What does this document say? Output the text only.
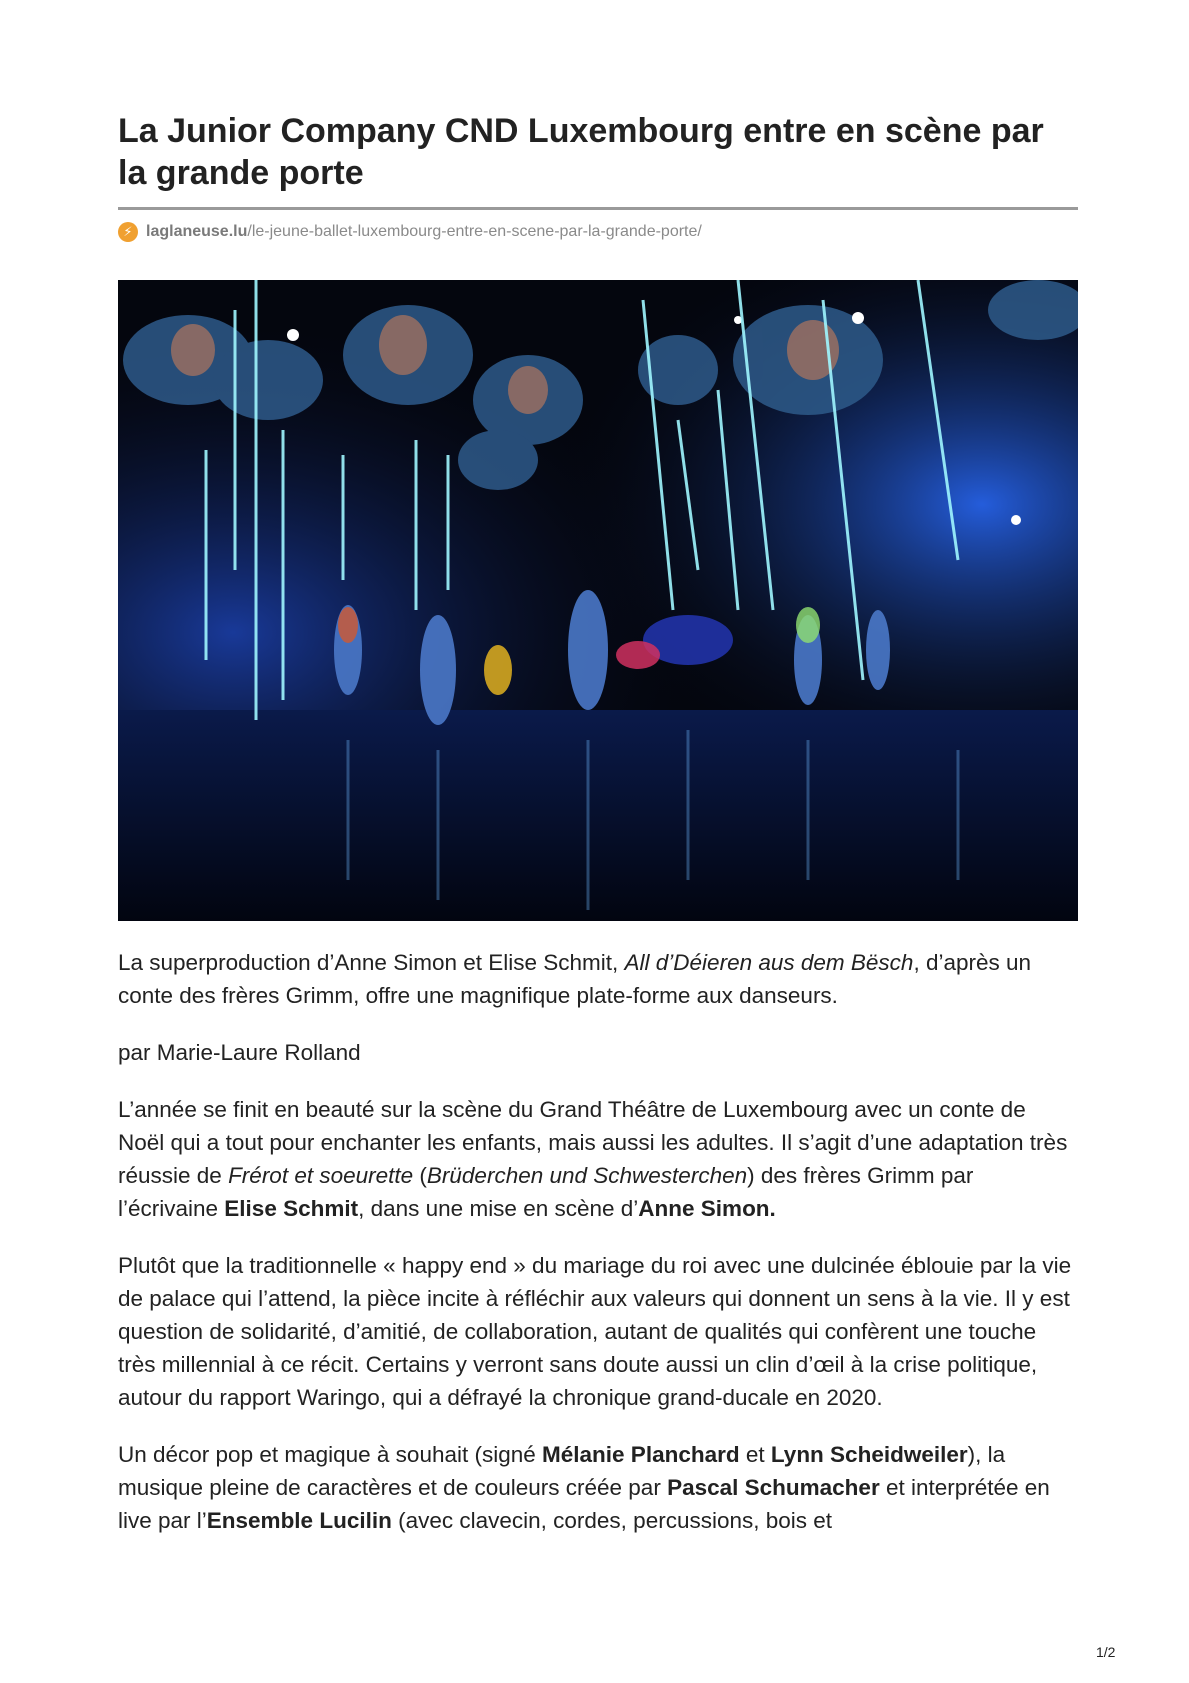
La Junior Company CND Luxembourg entre en scène par la grande porte
⚡ laglaneuse.lu /le-jeune-ballet-luxembourg-entre-en-scene-par-la-grande-porte/

La superproduction d’Anne Simon et Elise Schmit, All d’Déieren aus dem Bësch, d’après un conte des frères Grimm, offre une magnifique plate-forme aux danseurs.

par Marie-Laure Rolland

L’année se finit en beauté sur la scène du Grand Théâtre de Luxembourg avec un conte de Noël qui a tout pour enchanter les enfants, mais aussi les adultes. Il s’agit d’une adaptation très réussie de Frérot et soeurette (Brüderchen und Schwesterchen) des frères Grimm par l’écrivaine Elise Schmit, dans une mise en scène d’Anne Simon.

Plutôt que la traditionnelle « happy end » du mariage du roi avec une dulcinée éblouie par la vie de palace qui l’attend, la pièce incite à réfléchir aux valeurs qui donnent un sens à la vie. Il y est question de solidarité, d’amitié, de collaboration, autant de qualités qui confèrent une touche très millennial à ce récit. Certains y verront sans doute aussi un clin d’œil à la crise politique, autour du rapport Waringo, qui a défrayé la chronique grand-ducale en 2020.

Un décor pop et magique à souhait (signé Mélanie Planchard et Lynn Scheidweiler), la musique pleine de caractères et de couleurs créée par Pascal Schumacher et interprétée en live par l’Ensemble Lucilin (avec clavecin, cordes, percussions, bois et

1/2
